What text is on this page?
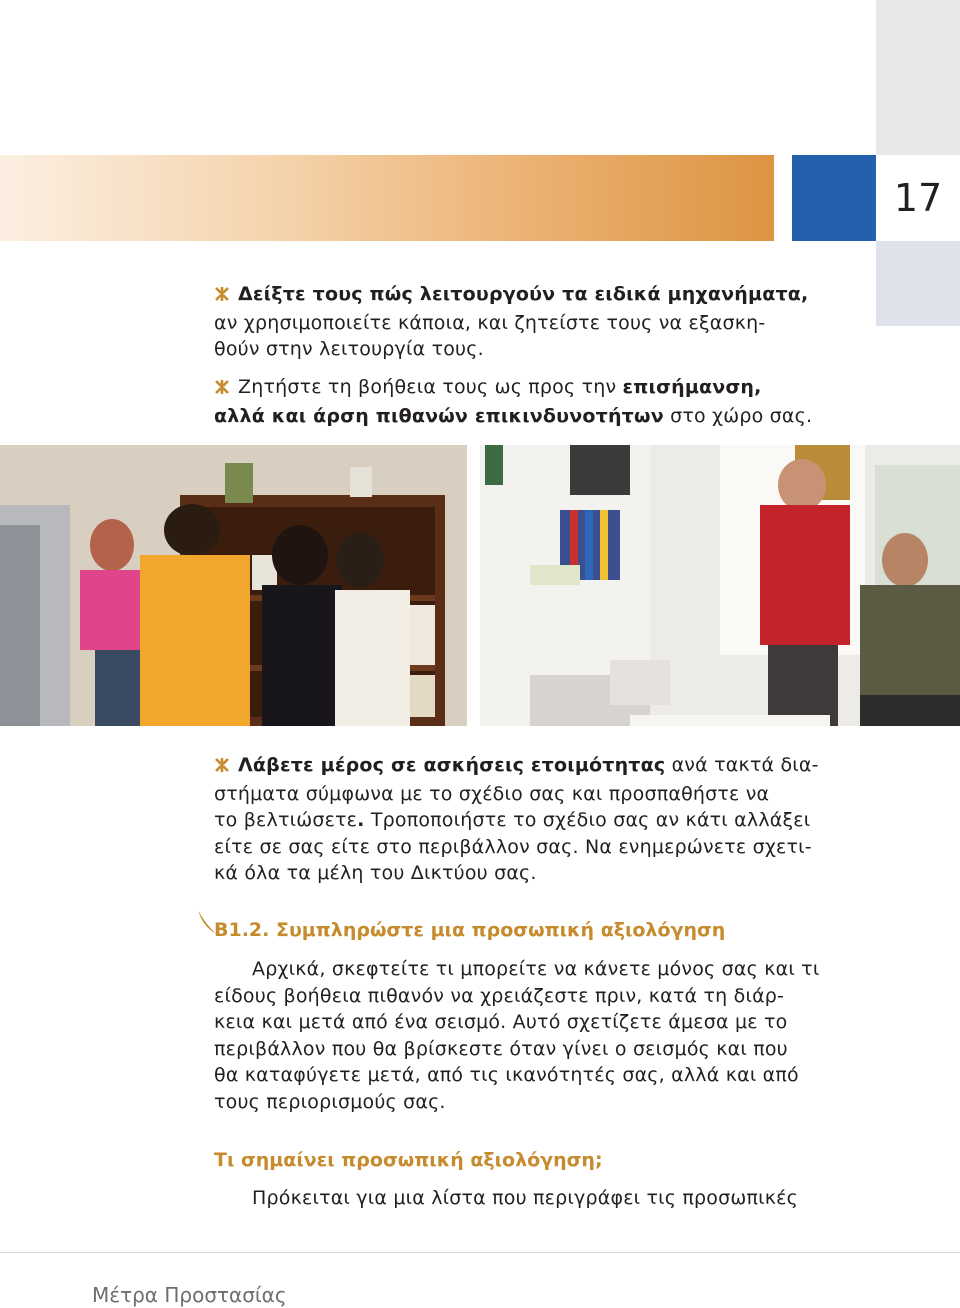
17
Δείξτε τους πώς λειτουργούν τα ειδικά μηχανήματα,
αν χρησιμοποιείτε κάποια, και ζητείστε τους να εξασκη-
θούν στην λειτουργία τους.
Ζητήστε τη βοήθεια τους ως προς την επισήμανση,
αλλά και άρση πιθανών επικινδυνοτήτων στο χώρο σας.
Λάβετε μέρος σε ασκήσεις ετοιμότητας ανά τακτά δια-
στήματα σύμφωνα με το σχέδιο σας και προσπαθήστε να
το βελτιώσετε. Τροποποιήστε το σχέδιο σας αν κάτι αλλάξει
είτε σε σας είτε στο περιβάλλον σας. Να ενημερώνετε σχετι-
κά όλα τα μέλη του Δικτύου σας.
Β1.2. Συμπληρώστε μια προσωπική αξιολόγηση
Αρχικά, σκεφτείτε τι μπορείτε να κάνετε μόνος σας και τι
είδους βοήθεια πιθανόν να χρειάζεστε πριν, κατά τη διάρ-
κεια και μετά από ένα σεισμό. Αυτό σχετίζετε άμεσα με το
περιβάλλον που θα βρίσκεστε όταν γίνει ο σεισμός και που
θα καταφύγετε μετά, από τις ικανότητές σας, αλλά και από
τους περιορισμούς σας.
Τι σημαίνει προσωπική αξιολόγηση;
Πρόκειται για μια λίστα που περιγράφει τις προσωπικές
Μέτρα Προστασίας
